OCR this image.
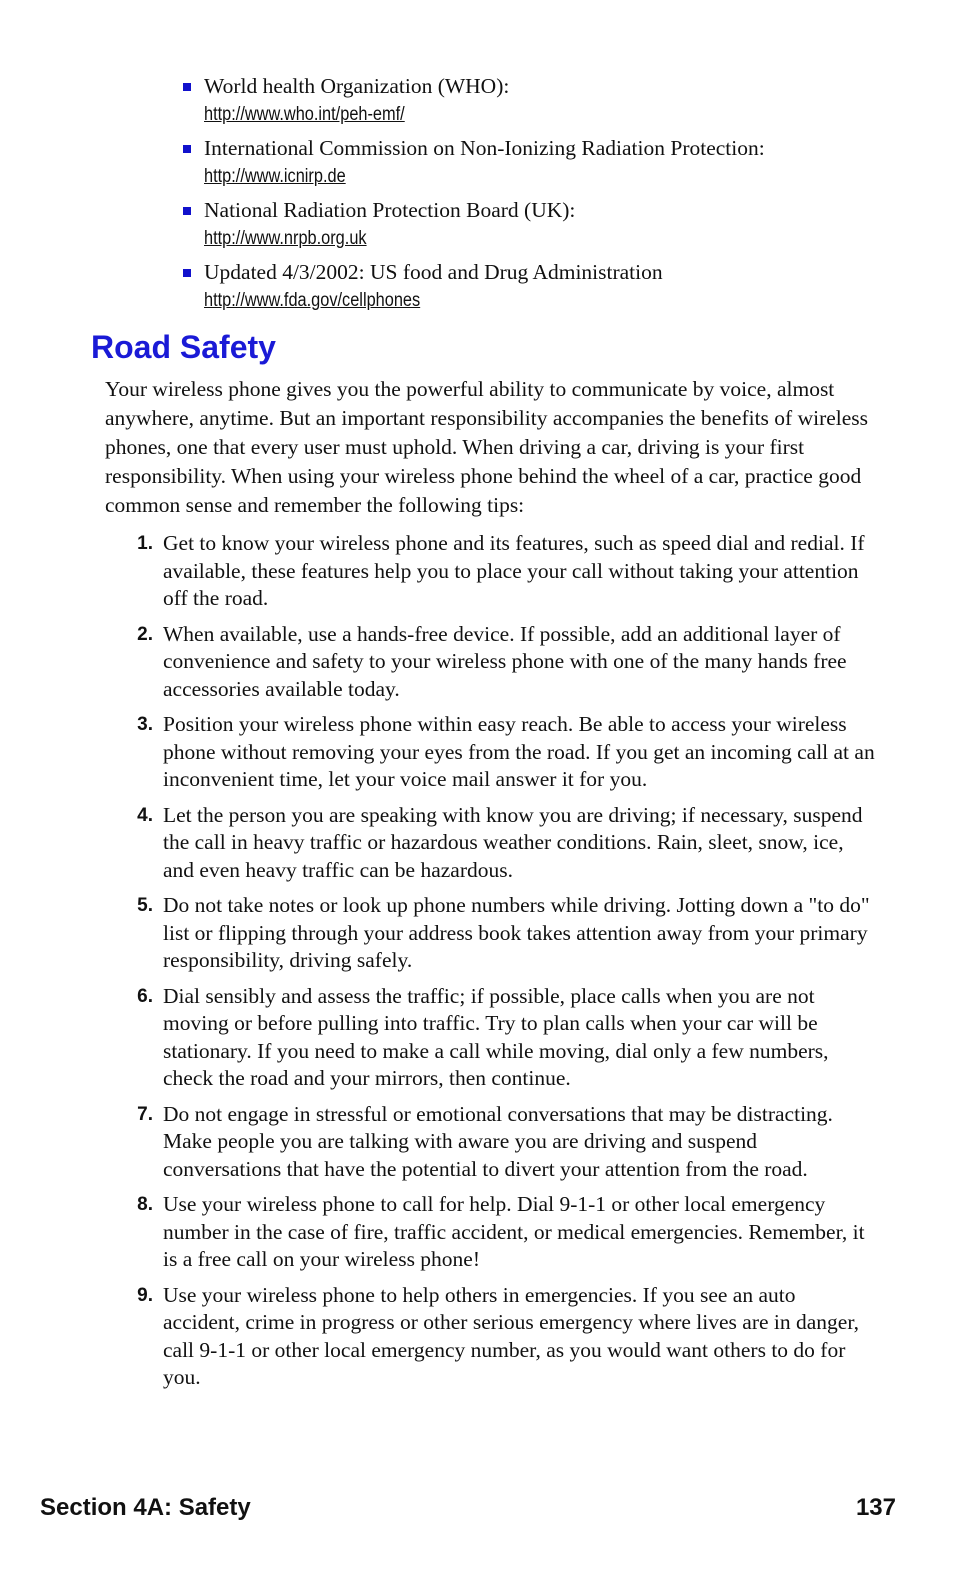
World health Organization (WHO):
http://www.who.int/peh-emf/
International Commission on Non-Ionizing Radiation Protection:
http://www.icnirp.de
National Radiation Protection Board (UK):
http://www.nrpb.org.uk
Updated 4/3/2002: US food and Drug Administration
http://www.fda.gov/cellphones
Road Safety

Your wireless phone gives you the powerful ability to communicate by voice, almost anywhere, anytime. But an important responsibility accompanies the benefits of wireless phones, one that every user must uphold. When driving a car, driving is your first responsibility. When using your wireless phone behind the wheel of a car, practice good common sense and remember the following tips:

1. Get to know your wireless phone and its features, such as speed dial and redial. If available, these features help you to place your call without taking your attention off the road.
2. When available, use a hands-free device. If possible, add an additional layer of convenience and safety to your wireless phone with one of the many hands free accessories available today.
3. Position your wireless phone within easy reach. Be able to access your wireless phone without removing your eyes from the road. If you get an incoming call at an inconvenient time, let your voice mail answer it for you.
4. Let the person you are speaking with know you are driving; if necessary, suspend the call in heavy traffic or hazardous weather conditions. Rain, sleet, snow, ice, and even heavy traffic can be hazardous.
5. Do not take notes or look up phone numbers while driving. Jotting down a "to do" list or flipping through your address book takes attention away from your primary responsibility, driving safely.
6. Dial sensibly and assess the traffic; if possible, place calls when you are not moving or before pulling into traffic. Try to plan calls when your car will be stationary. If you need to make a call while moving, dial only a few numbers, check the road and your mirrors, then continue.
7. Do not engage in stressful or emotional conversations that may be distracting. Make people you are talking with aware you are driving and suspend conversations that have the potential to divert your attention from the road.
8. Use your wireless phone to call for help. Dial 9-1-1 or other local emergency number in the case of fire, traffic accident, or medical emergencies. Remember, it is a free call on your wireless phone!
9. Use your wireless phone to help others in emergencies. If you see an auto accident, crime in progress or other serious emergency where lives are in danger, call 9-1-1 or other local emergency number, as you would want others to do for you.
Section 4A: Safety	137
